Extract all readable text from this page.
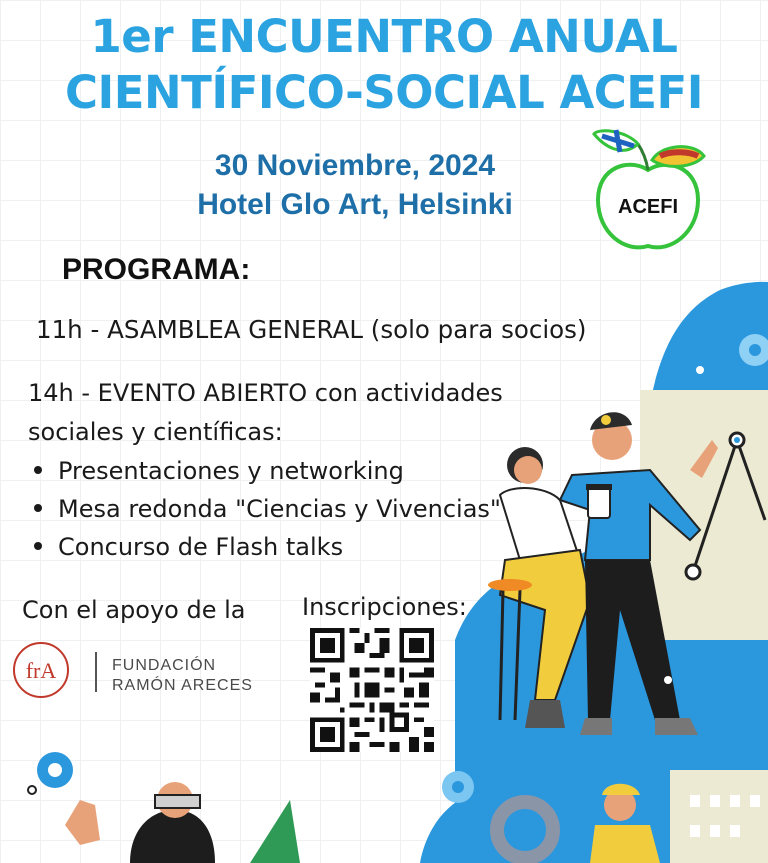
1er ENCUENTRO ANUAL
CIENTÍFICO-SOCIAL ACEFI
30 Noviembre, 2024
Hotel Glo Art, Helsinki	ACEFI
PROGRAMA:
11h - ASAMBLEA GENERAL (solo para socios)
14h - EVENTO ABIERTO con actividades
sociales y científicas:
Presentaciones y networking
Mesa redonda "Ciencias y Vivencias"
Concurso de Flash talks
Con el apoyo de la
frA	FUNDACIÓN
RAMÓN ARECES
Inscripciones:
